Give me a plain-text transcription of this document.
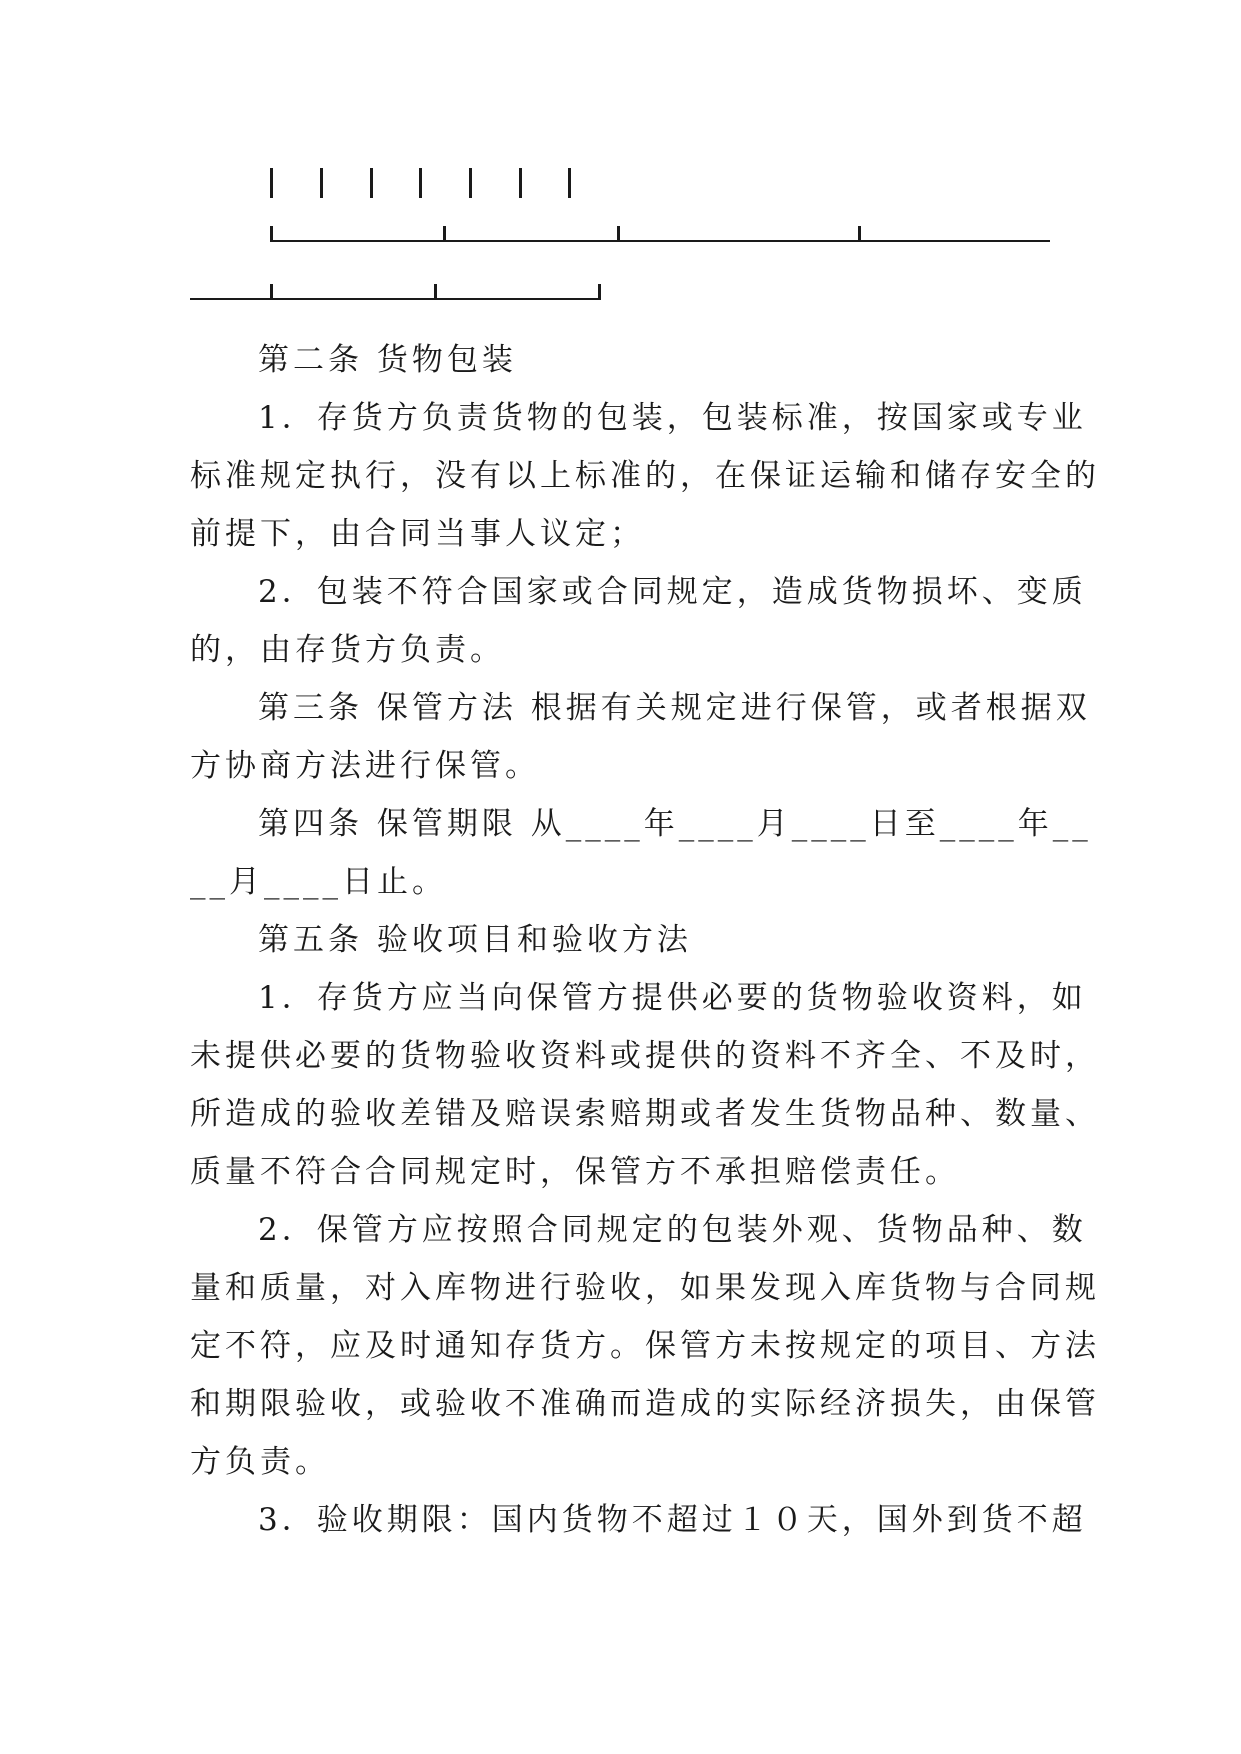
第二条 货物包装
1．存货方负责货物的包装，包装标准，按国家或专业
标准规定执行，没有以上标准的，在保证运输和储存安全的
前提下，由合同当事人议定；
2．包装不符合国家或合同规定，造成货物损坏、变质
的，由存货方负责。
第三条 保管方法 根据有关规定进行保管，或者根据双
方协商方法进行保管。
第四条 保管期限 从____年____月____日至____年__
__月____日止。
第五条 验收项目和验收方法
1．存货方应当向保管方提供必要的货物验收资料，如
未提供必要的货物验收资料或提供的资料不齐全、不及时，
所造成的验收差错及赔误索赔期或者发生货物品种、数量、
质量不符合合同规定时，保管方不承担赔偿责任。
2．保管方应按照合同规定的包装外观、货物品种、数
量和质量，对入库物进行验收，如果发现入库货物与合同规
定不符，应及时通知存货方。保管方未按规定的项目、方法
和期限验收，或验收不准确而造成的实际经济损失，由保管
方负责。
3．验收期限：国内货物不超过１０天，国外到货不超
